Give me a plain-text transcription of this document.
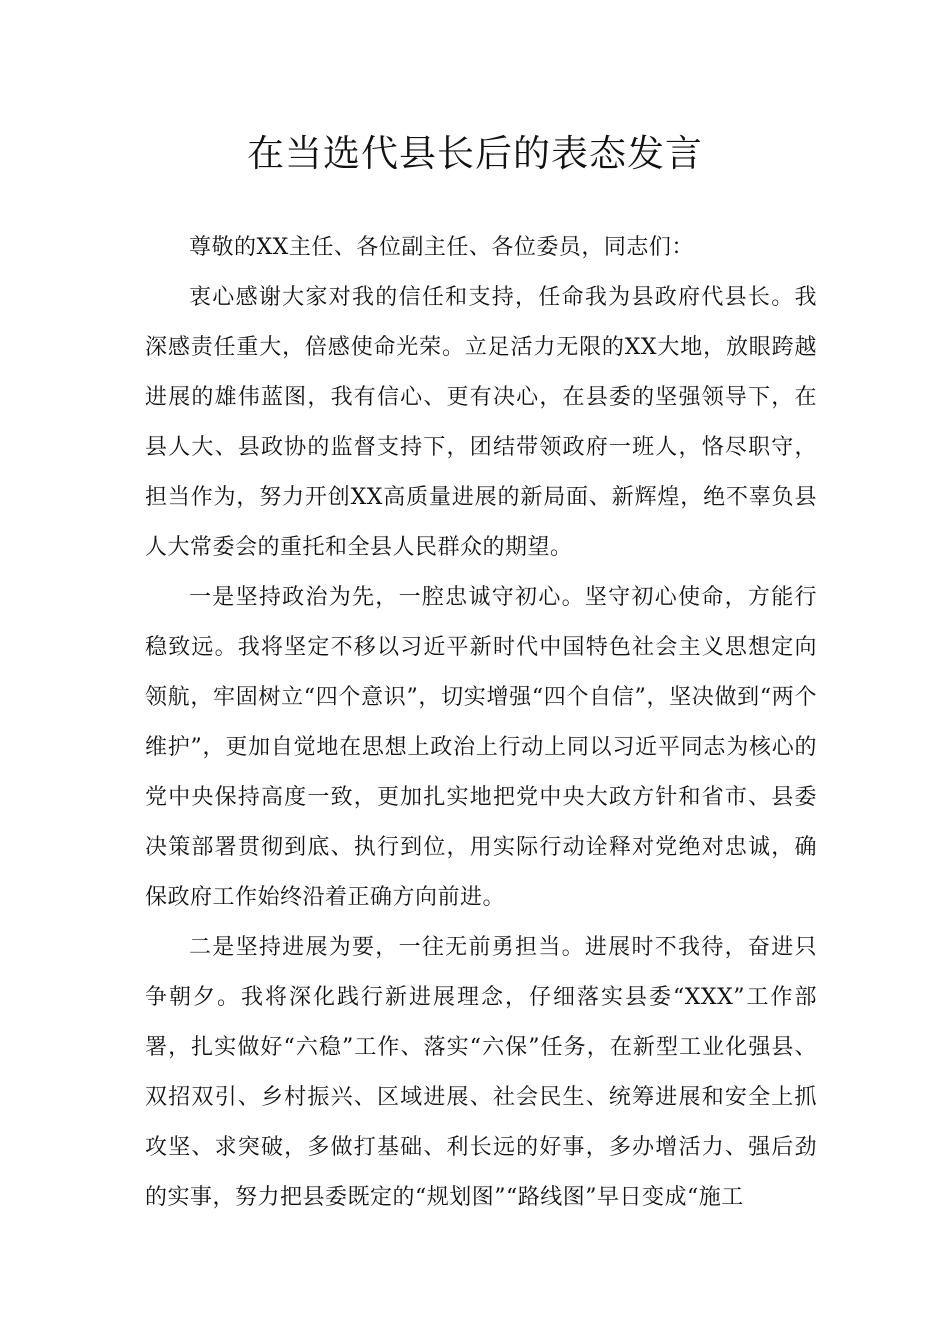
在当选代县长后的表态发言

尊敬的XX主任、各位副主任、各位委员，同志们：

衷心感谢大家对我的信任和支持，任命我为县政府代县长。我深感责任重大，倍感使命光荣。立足活力无限的XX大地，放眼跨越进展的雄伟蓝图，我有信心、更有决心，在县委的坚强领导下，在县人大、县政协的监督支持下，团结带领政府一班人，恪尽职守，担当作为，努力开创XX高质量进展的新局面、新辉煌，绝不辜负县人大常委会的重托和全县人民群众的期望。

一是坚持政治为先，一腔忠诚守初心。坚守初心使命，方能行稳致远。我将坚定不移以习近平新时代中国特色社会主义思想定向领航，牢固树立“四个意识”，切实增强“四个自信”，坚决做到“两个维护”，更加自觉地在思想上政治上行动上同以习近平同志为核心的党中央保持高度一致，更加扎实地把党中央大政方针和省市、县委决策部署贯彻到底、执行到位，用实际行动诠释对党绝对忠诚，确保政府工作始终沿着正确方向前进。

二是坚持进展为要，一往无前勇担当。进展时不我待，奋进只争朝夕。我将深化践行新进展理念，仔细落实县委“XXX”工作部署，扎实做好“六稳”工作、落实“六保”任务，在新型工业化强县、双招双引、乡村振兴、区域进展、社会民生、统筹进展和安全上抓攻坚、求突破，多做打基础、利长远的好事，多办增活力、强后劲的实事，努力把县委既定的“规划图”“路线图”早日变成“施工
